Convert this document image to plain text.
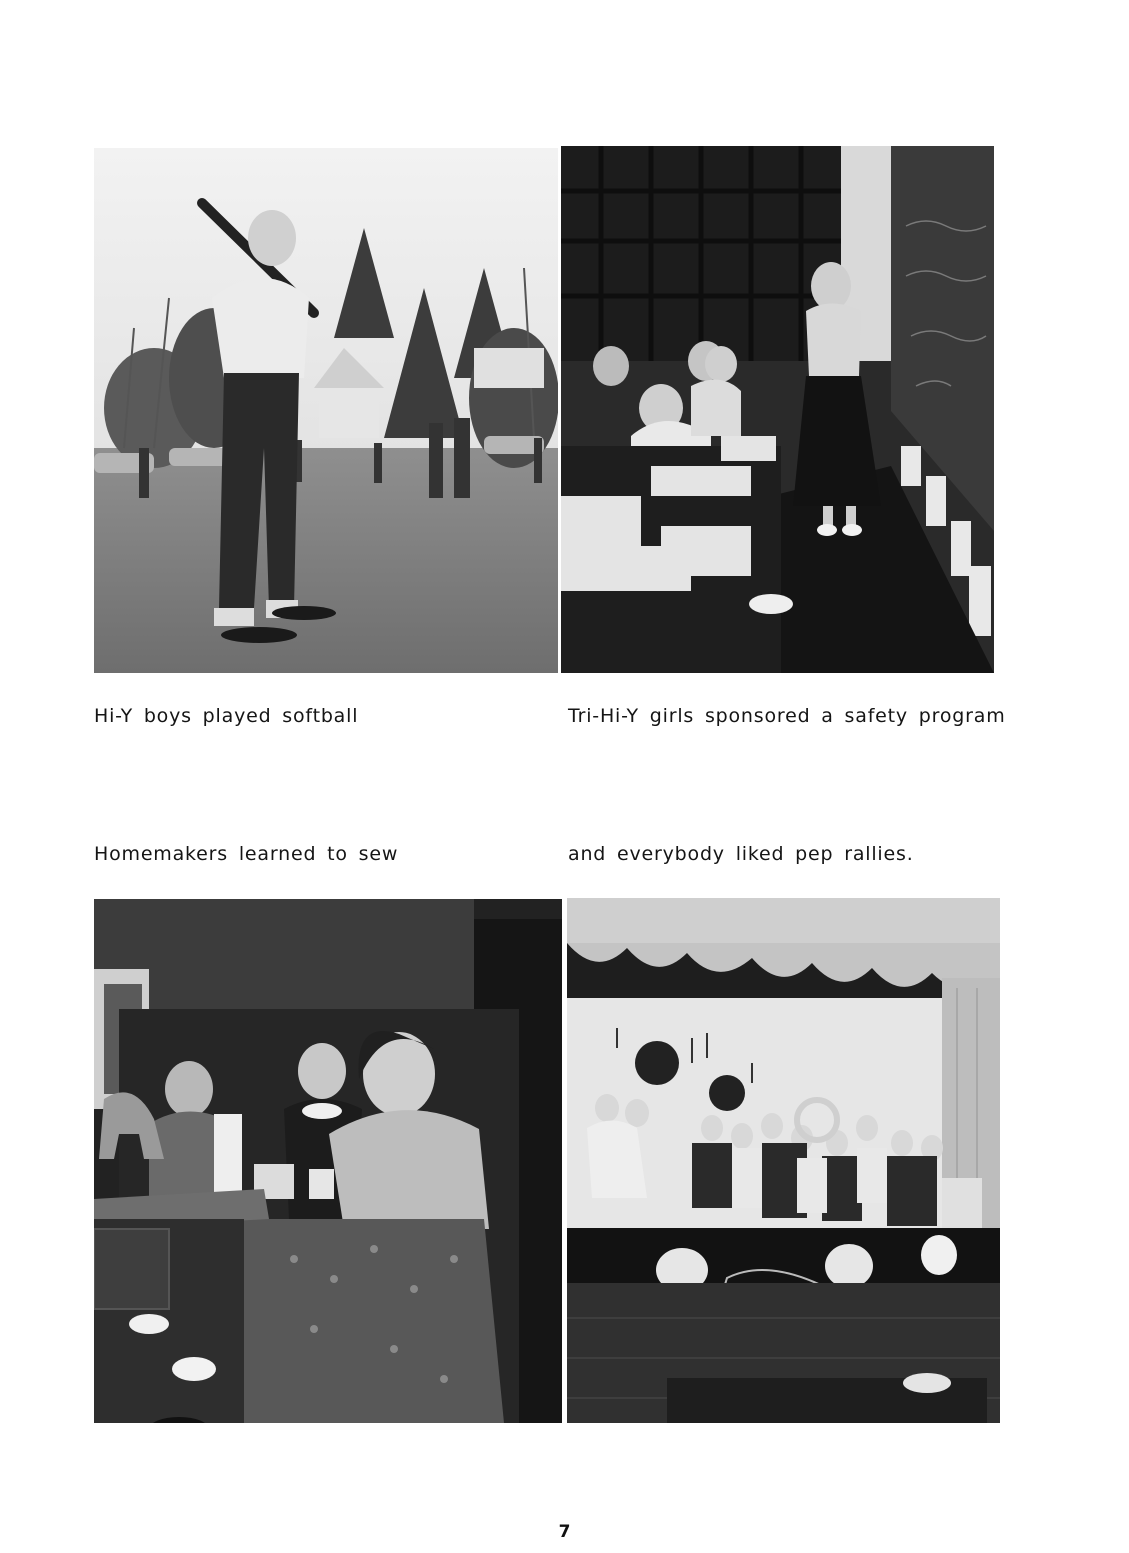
Hi-Y boys played softball	Tri-Hi-Y girls sponsored a safety program
Homemakers learned to sew	and everybody liked pep rallies.
7
